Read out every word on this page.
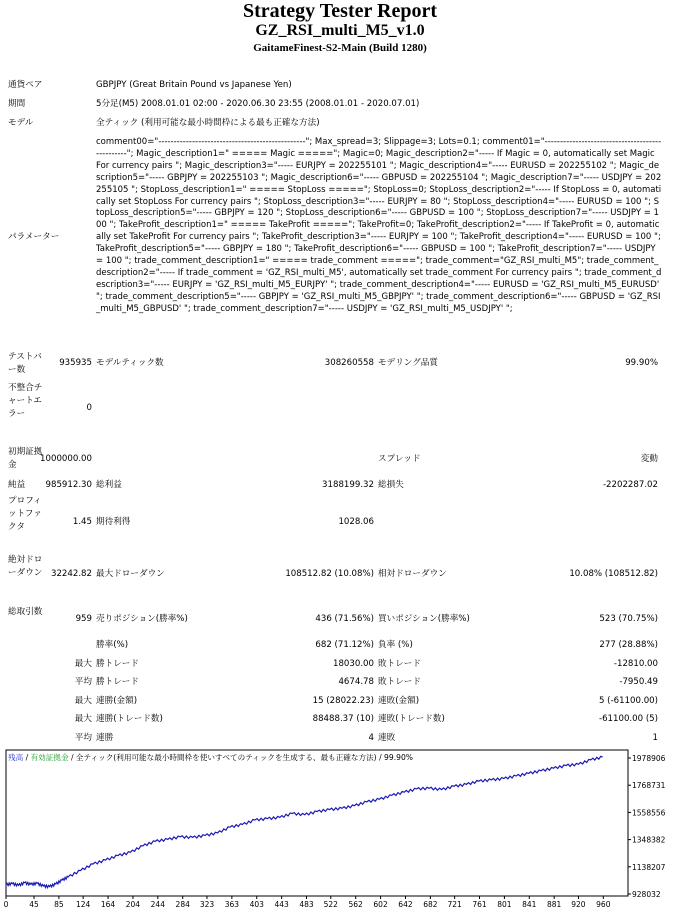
Strategy Tester Report
GZ_RSI_multi_M5_v1.0
GaitameFinest-S2-Main (Build 1280)
通貨ペア	GBPJPY (Great Britain Pound vs Japanese Yen)
期間	5分足(M5) 2008.01.01 02:00 - 2020.06.30 23:55 (2008.01.01 - 2020.07.01)
モデル	全ティック (利用可能な最小時間枠による最も正確な方法)
パラメーター
comment00="------------------------------------------------"; Max_spread=3; Slippage=3; Lots=0.1; comment01="------------------------------------------------"; Magic_description1=" ===== Magic ====="; Magic=0; Magic_description2="----- If Magic = 0, automatically set Magic For currency pairs "; Magic_description3="----- EURJPY = 202255101 "; Magic_description4="----- EURUSD = 202255102 "; Magic_description5="----- GBPJPY = 202255103 "; Magic_description6="----- GBPUSD = 202255104 "; Magic_description7="----- USDJPY = 202255105 "; StopLoss_description1=" ===== StopLoss ====="; StopLoss=0; StopLoss_description2="----- If StopLoss = 0, automatically set StopLoss For currency pairs "; StopLoss_description3="----- EURJPY = 80 "; StopLoss_description4="----- EURUSD = 100 "; StopLoss_description5="----- GBPJPY = 120 "; StopLoss_description6="----- GBPUSD = 100 "; StopLoss_description7="----- USDJPY = 100 "; TakeProfit_description1=" ===== TakeProfit ====="; TakeProfit=0; TakeProfit_description2="----- If TakeProfit = 0, automatically set TakeProfit For currency pairs "; TakeProfit_description3="----- EURJPY = 100 "; TakeProfit_description4="----- EURUSD = 100 "; TakeProfit_description5="----- GBPJPY = 180 "; TakeProfit_description6="----- GBPUSD = 100 "; TakeProfit_description7="----- USDJPY = 100 "; trade_comment_description1=" ===== trade_comment ====="; trade_comment="GZ_RSI_multi_M5"; trade_comment_description2="----- If trade_comment = 'GZ_RSI_multi_M5', automatically set trade_comment For currency pairs "; trade_comment_description3="----- EURJPY = 'GZ_RSI_multi_M5_EURJPY' "; trade_comment_description4="----- EURUSD = 'GZ_RSI_multi_M5_EURUSD' "; trade_comment_description5="----- GBPJPY = 'GZ_RSI_multi_M5_GBPJPY' "; trade_comment_description6="----- GBPUSD = 'GZ_RSI_multi_M5_GBPUSD' "; trade_comment_description7="----- USDJPY = 'GZ_RSI_multi_M5_USDJPY' ";
テストバー数
935935 モデルティック数	308260558 モデリング品質	99.90%
不整合チャートエラー
0
初期証拠金
1000000.00	スプレッド	変動
純益	985912.30 総利益	3188199.32 総損失	-2202287.02
プロフィットファクタ	1.45 期待利得	1028.06
絶対ドローダウン 32242.82 最大ドローダウン	108512.82 (10.08%) 相対ドローダウン	10.08% (108512.82)
総取引数
959 売りポジション(勝率%)	436 (71.56%) 買いポジション(勝率%)	523 (70.75%)
勝率(%)	682 (71.12%) 負率 (%)	277 (28.88%)
最大 勝トレード	18030.00 敗トレード	-12810.00
平均 勝トレード	4674.78 敗トレード	-7950.49
最大 連勝(金額)	15 (28022.23) 連敗(金額)	5 (-61100.00)
最大 連勝(トレード数)	88488.37 (10) 連敗(トレード数)	-61100.00 (5)
平均 連勝	4 連敗	1
1978906
1768731
1558556
1348382
1138207
928032
0	45 85 124 164 204 244 284 323 363 403 443 483 522 562 602 642 682 721 761 801 841 881 920 960
残高 / 有効証拠金 / 全ティック(利用可能な最小時間枠を使いすべてのティックを生成する、最も正確な方法) / 99.90%
